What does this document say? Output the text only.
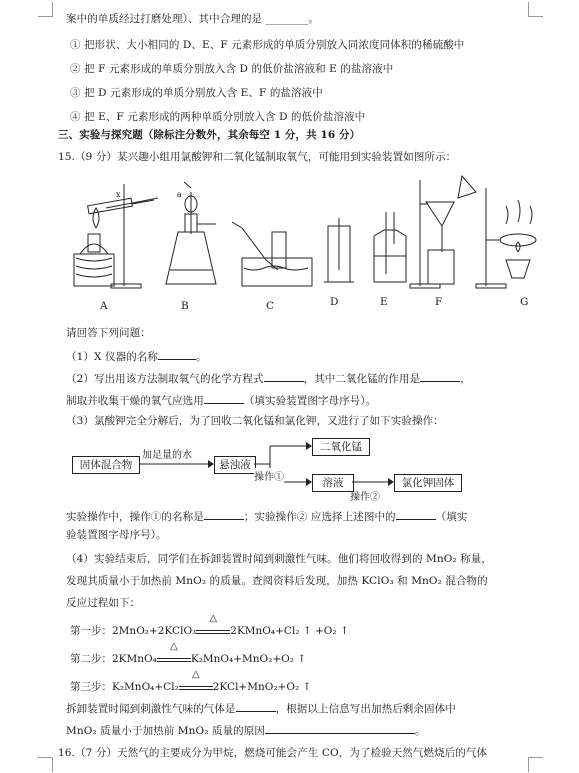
案中的单质经过打磨处理）、其中合理的是 ________。
① 把形状、大小相同的 D、E、F 元素形成的单质分别放入同浓度同体积的稀硫酸中
② 把 F 元素形成的单质分别放入含 D 的低价盐溶液和 E 的盐溶液中
③ 把 D 元素形成的单质分别放入含 E、F 的盐溶液中
④ 把 E、F 元素形成的两种单质分别放入含 D 的低价盐溶液中
三、实验与探究题（除标注分数外，其余每空 1 分，共 16 分）
15.（9 分）某兴趣小组用氯酸钾和二氧化锰制取氧气，可能用到实验装置如图所示：
x	a
A	B	C	D	E	F	G
请回答下列问题：
（1）X 仪器的名称	。
（2）写出用该方法制取氧气的化学方程式	，其中二氧化锰的作用是	，
制取并收集干燥的氧气应选用	（填实验装置图字母序号）。
（3）氯酸钾完全分解后，为了回收二氧化锰和氯化钾，又进行了如下实验操作：
固体混合物
加足量的水
悬浊液
操作①
二氧化锰
溶液
操作②
氯化钾固体
实验操作中，操作①的名称是	；实验操作② 应选择上述图中的	（填实
验装置图字母序号）。
（4）实验结束后，同学们在拆卸装置时闻到刺激性气味。他们将回收得到的 MnO₂ 称量，
发现其质量小于加热前 MnO₂ 的质量。查阅资料后发现，加热 KClO₃ 和 MnO₂ 混合物的
反应过程如下：
第一步：2MnO₂+2KClO₃
△
2KMnO₄+Cl₂ ↑ +O₂ ↑
第二步：2KMnO₄
△
K₂MnO₄+MnO₂+O₂ ↑
第三步：K₂MnO₄+Cl₂
△
2KCl+MnO₂+O₂ ↑
拆卸装置时闻到刺激性气味的气体是	，根据以上信息写出加热后剩余固体中
MnO₂ 质量小于加热前 MnO₂ 质量的原因	。
16.（7 分）天然气的主要成分为甲烷，燃烧可能会产生 CO，为了检验天然气燃烧后的气体
